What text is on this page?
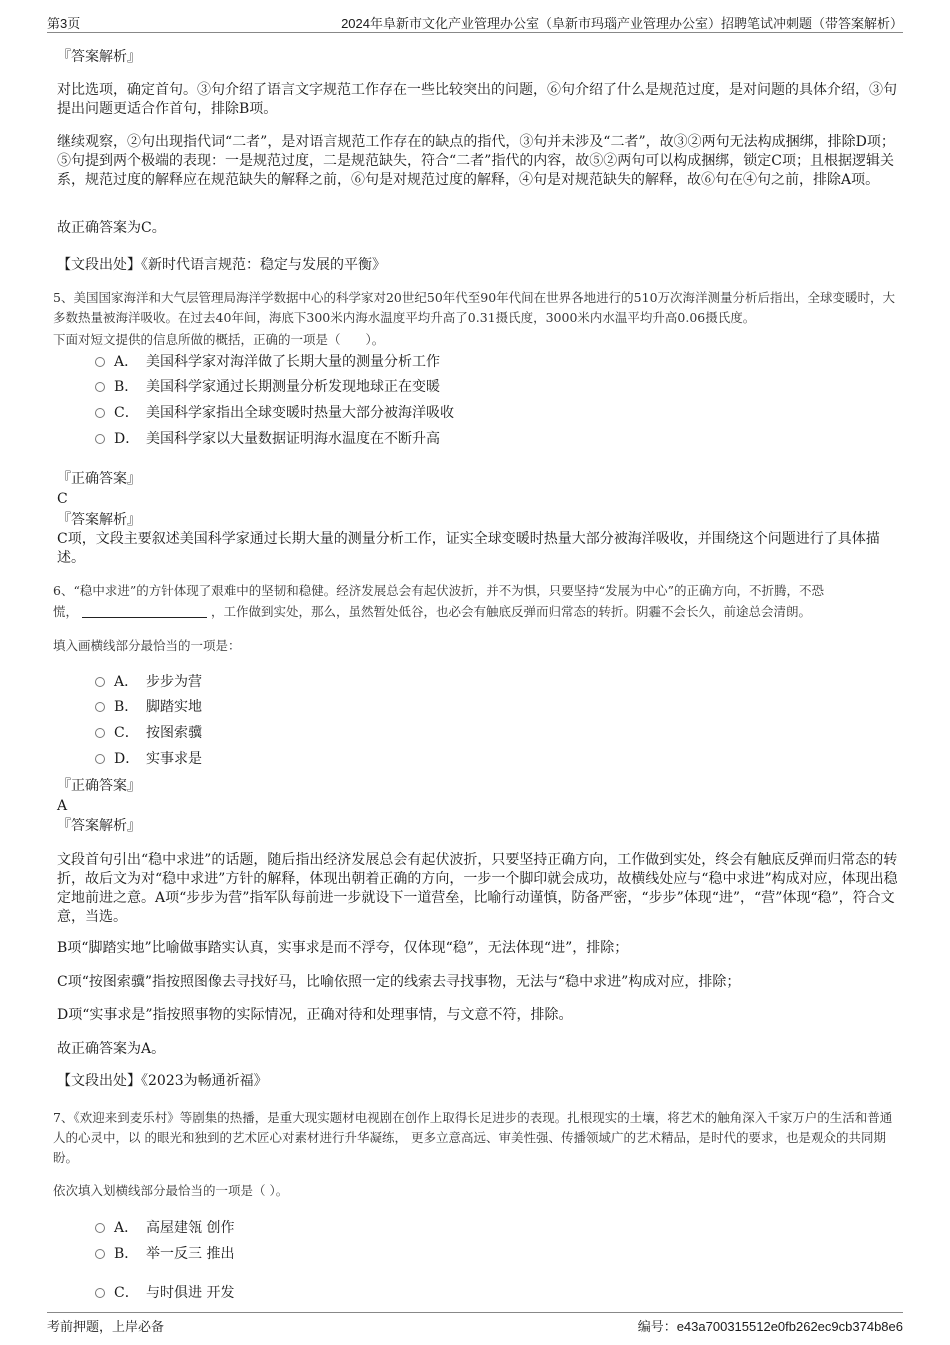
第3页	2024年阜新市文化产业管理办公室（阜新市玛瑙产业管理办公室）招聘笔试冲刺题（带答案解析）
『答案解析』
对比选项，确定首句。③句介绍了语言文字规范工作存在一些比较突出的问题，⑥句介绍了什么是规范过度，是对问题的具体介绍，③句提出问题更适合作首句，排除B项。
继续观察，②句出现指代词“二者”，是对语言规范工作存在的缺点的指代，③句并未涉及“二者”，故③②两句无法构成捆绑，排除D项；⑤句提到两个极端的表现：一是规范过度，二是规范缺失，符合“二者”指代的内容，故⑤②两句可以构成捆绑，锁定C项；且根据逻辑关系，规范过度的解释应在规范缺失的解释之前，⑥句是对规范过度的解释，④句是对规范缺失的解释，故⑥句在④句之前，排除A项。
故正确答案为C。
【文段出处】《新时代语言规范：稳定与发展的平衡》
5、美国国家海洋和大气层管理局海洋学数据中心的科学家对20世纪50年代至90年代间在世界各地进行的510万次海洋测量分析后指出，全球变暖时，大多数热量被海洋吸收。在过去40年间，海底下300米内海水温度平均升高了0.31摄氏度，3000米内水温平均升高0.06摄氏度。
下面对短文提供的信息所做的概括，正确的一项是（　　）。
A． 美国科学家对海洋做了长期大量的测量分析工作
B． 美国科学家通过长期测量分析发现地球正在变暖
C． 美国科学家指出全球变暖时热量大部分被海洋吸收
D． 美国科学家以大量数据证明海水温度在不断升高
『正确答案』
C
『答案解析』
C项，文段主要叙述美国科学家通过长期大量的测量分析工作，证实全球变暖时热量大部分被海洋吸收，并围绕这个问题进行了具体描述。
6、“稳中求进”的方针体现了艰难中的坚韧和稳健。经济发展总会有起伏波折，并不为惧，只要坚持“发展为中心”的正确方向，不折腾，不恐
慌，	，工作做到实处，那么，虽然暂处低谷，也必会有触底反弹而归常态的转折。阴霾不会长久，前途总会清朗。
填入画横线部分最恰当的一项是：
A． 步步为营
B． 脚踏实地
C． 按图索骥
D． 实事求是
『正确答案』
A
『答案解析』
文段首句引出“稳中求进”的话题，随后指出经济发展总会有起伏波折，只要坚持正确方向，工作做到实处，终会有触底反弹而归常态的转折，故后文为对“稳中求进”方针的解释，体现出朝着正确的方向，一步一个脚印就会成功，故横线处应与“稳中求进”构成对应，体现出稳定地前进之意。A项“步步为营”指军队每前进一步就设下一道营垒，比喻行动谨慎，防备严密，“步步”体现“进”，“营”体现“稳”，符合文意，当选。
B项“脚踏实地”比喻做事踏实认真，实事求是而不浮夸，仅体现“稳”，无法体现“进”，排除；
C项“按图索骥”指按照图像去寻找好马，比喻依照一定的线索去寻找事物，无法与“稳中求进”构成对应，排除；
D项“实事求是”指按照事物的实际情况，正确对待和处理事情，与文意不符，排除。
故正确答案为A。
【文段出处】《2023为畅通祈福》
7、《欢迎来到麦乐村》等剧集的热播，是重大现实题材电视剧在创作上取得长足进步的表现。扎根现实的土壤，将艺术的触角深入千家万户的生活和普通人的心灵中，以 的眼光和独到的艺术匠心对素材进行升华凝练， 更多立意高远、审美性强、传播领域广的艺术精品，是时代的要求，也是观众的共同期盼。
依次填入划横线部分最恰当的一项是（ ）。
A． 高屋建瓴 创作
B． 举一反三 推出
C． 与时俱进 开发
考前押题，上岸必备	编号：e43a700315512e0fb262ec9cb374b8e6
